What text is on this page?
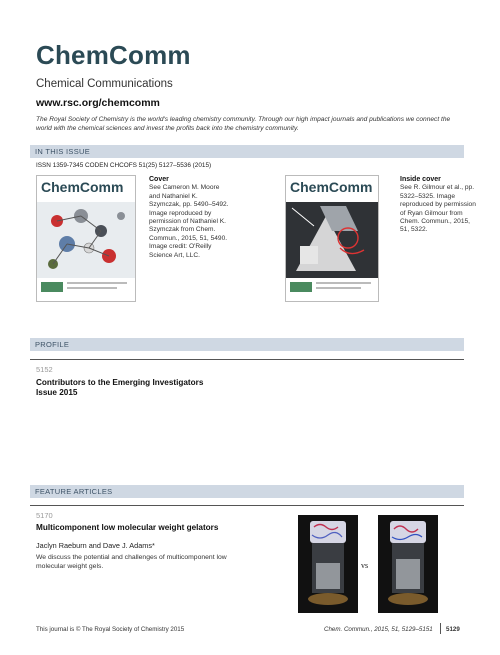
ChemComm
Chemical Communications
www.rsc.org/chemcomm
The Royal Society of Chemistry is the world's leading chemistry community. Through our high impact journals and publications we connect the world with the chemical sciences and invest the profits back into the chemistry community.
IN THIS ISSUE
ISSN 1359-7345 CODEN CHCOFS 51(25) 5127–5536 (2015)
ChemComm	Cover
See Cameron M. Moore and Nathaniel K. Szymczak, pp. 5490–5492. Image reproduced by permission of Nathaniel K. Szymczak from Chem. Commun., 2015, 51, 5490. Image credit: O'Reilly Science Art, LLC.
ChemComm	Inside cover
See R. Gilmour et al., pp. 5322–5325. Image reproduced by permission of Ryan Gilmour from Chem. Commun., 2015, 51, 5322.
PROFILE
5152
Contributors to the Emerging Investigators Issue 2015
FEATURE ARTICLES
5170
Multicomponent low molecular weight gelators
Jaclyn Raeburn and Dave J. Adams*
We discuss the potential and challenges of multicomponent low molecular weight gels.	vs
This journal is © The Royal Society of Chemistry 2015	Chem. Commun., 2015, 51, 5129–5151 5129
